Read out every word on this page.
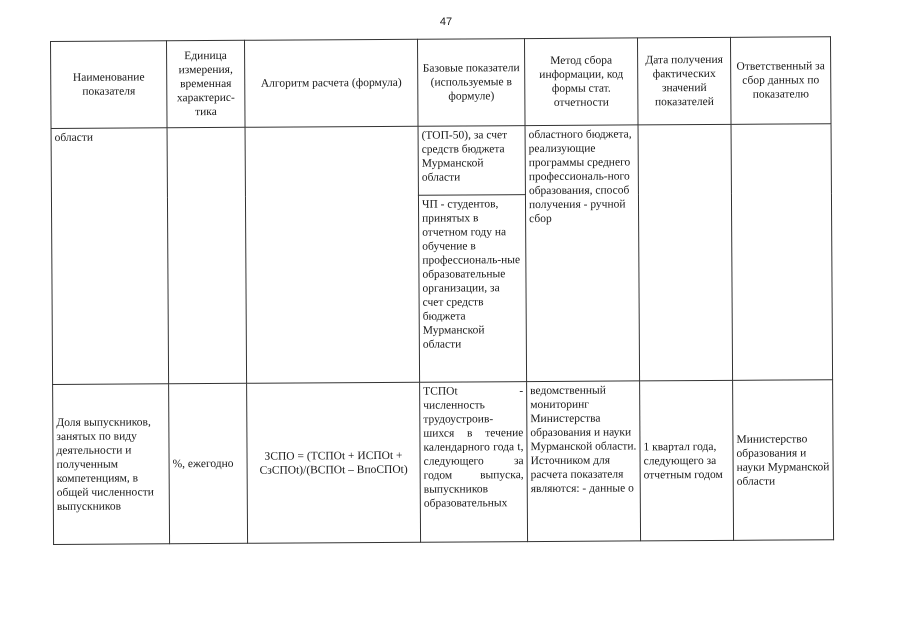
47
Наименование показателя	Единица измерения, временная характерис-тика	Алгоритм расчета (формула)	Базовые показатели (используемые в формуле)	Метод сбора информации, код формы стат. отчетности	Дата получения фактических значений показателей	Ответственный за сбор данных по показателю
области			(ТОП-50), за счет средств бюджета Мурманской области	областного бюджета, реализующие программы среднего профессиональ-ного образования, способ получения - ручной сбор		
			ЧП - студентов, принятых в отчетном году на обучение в профессиональ-ные образовательные организации, за счет средств бюджета Мурманской области			
Доля выпускников, занятых по виду деятельности и полученным компетенциям, в общей численности выпускников	%, ежегодно	ЗСПО = (ТСПОt + ИСПОt + СзСПОt)/(ВСПОt – ВпоСПОt)	ТСПОt - численность трудоустроив-шихся в течение календарного года t, следующего за годом выпуска, выпускников образовательных	ведомственный мониторинг Министерства образования и науки Мурманской области. Источником для расчета показателя являются: - данные о	1 квартал года, следующего за отчетным годом	Министерство образования и науки Мурманской области
